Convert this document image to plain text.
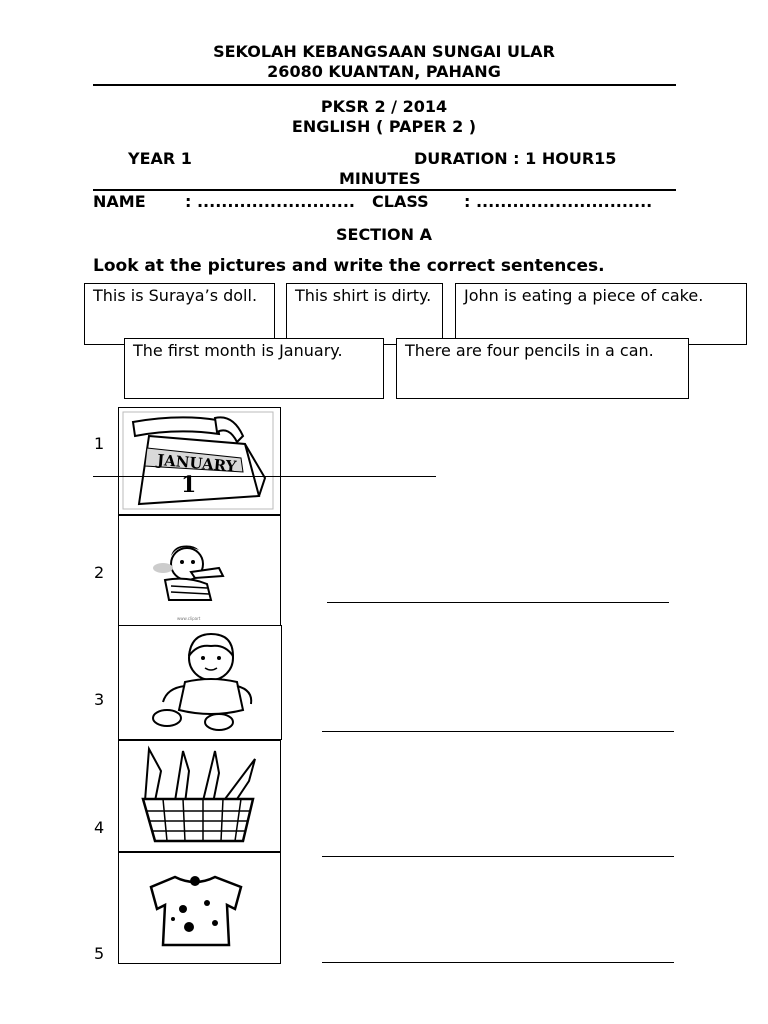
SEKOLAH KEBANGSAAN SUNGAI ULAR
26080 KUANTAN, PAHANG
PKSR 2 / 2014
ENGLISH ( PAPER 2 )
YEAR 1	DURATION : 1 HOUR15
MINUTES
NAME : .......................... CLASS : .............................
SECTION A
Look at the pictures and write the correct sentences.
This is Suraya’s doll.	This shirt is dirty.	John is eating a piece of cake.
The first month is January.	There are four pencils in a can.
1
JANUARY
1
2
www.clipart
3
4
5
